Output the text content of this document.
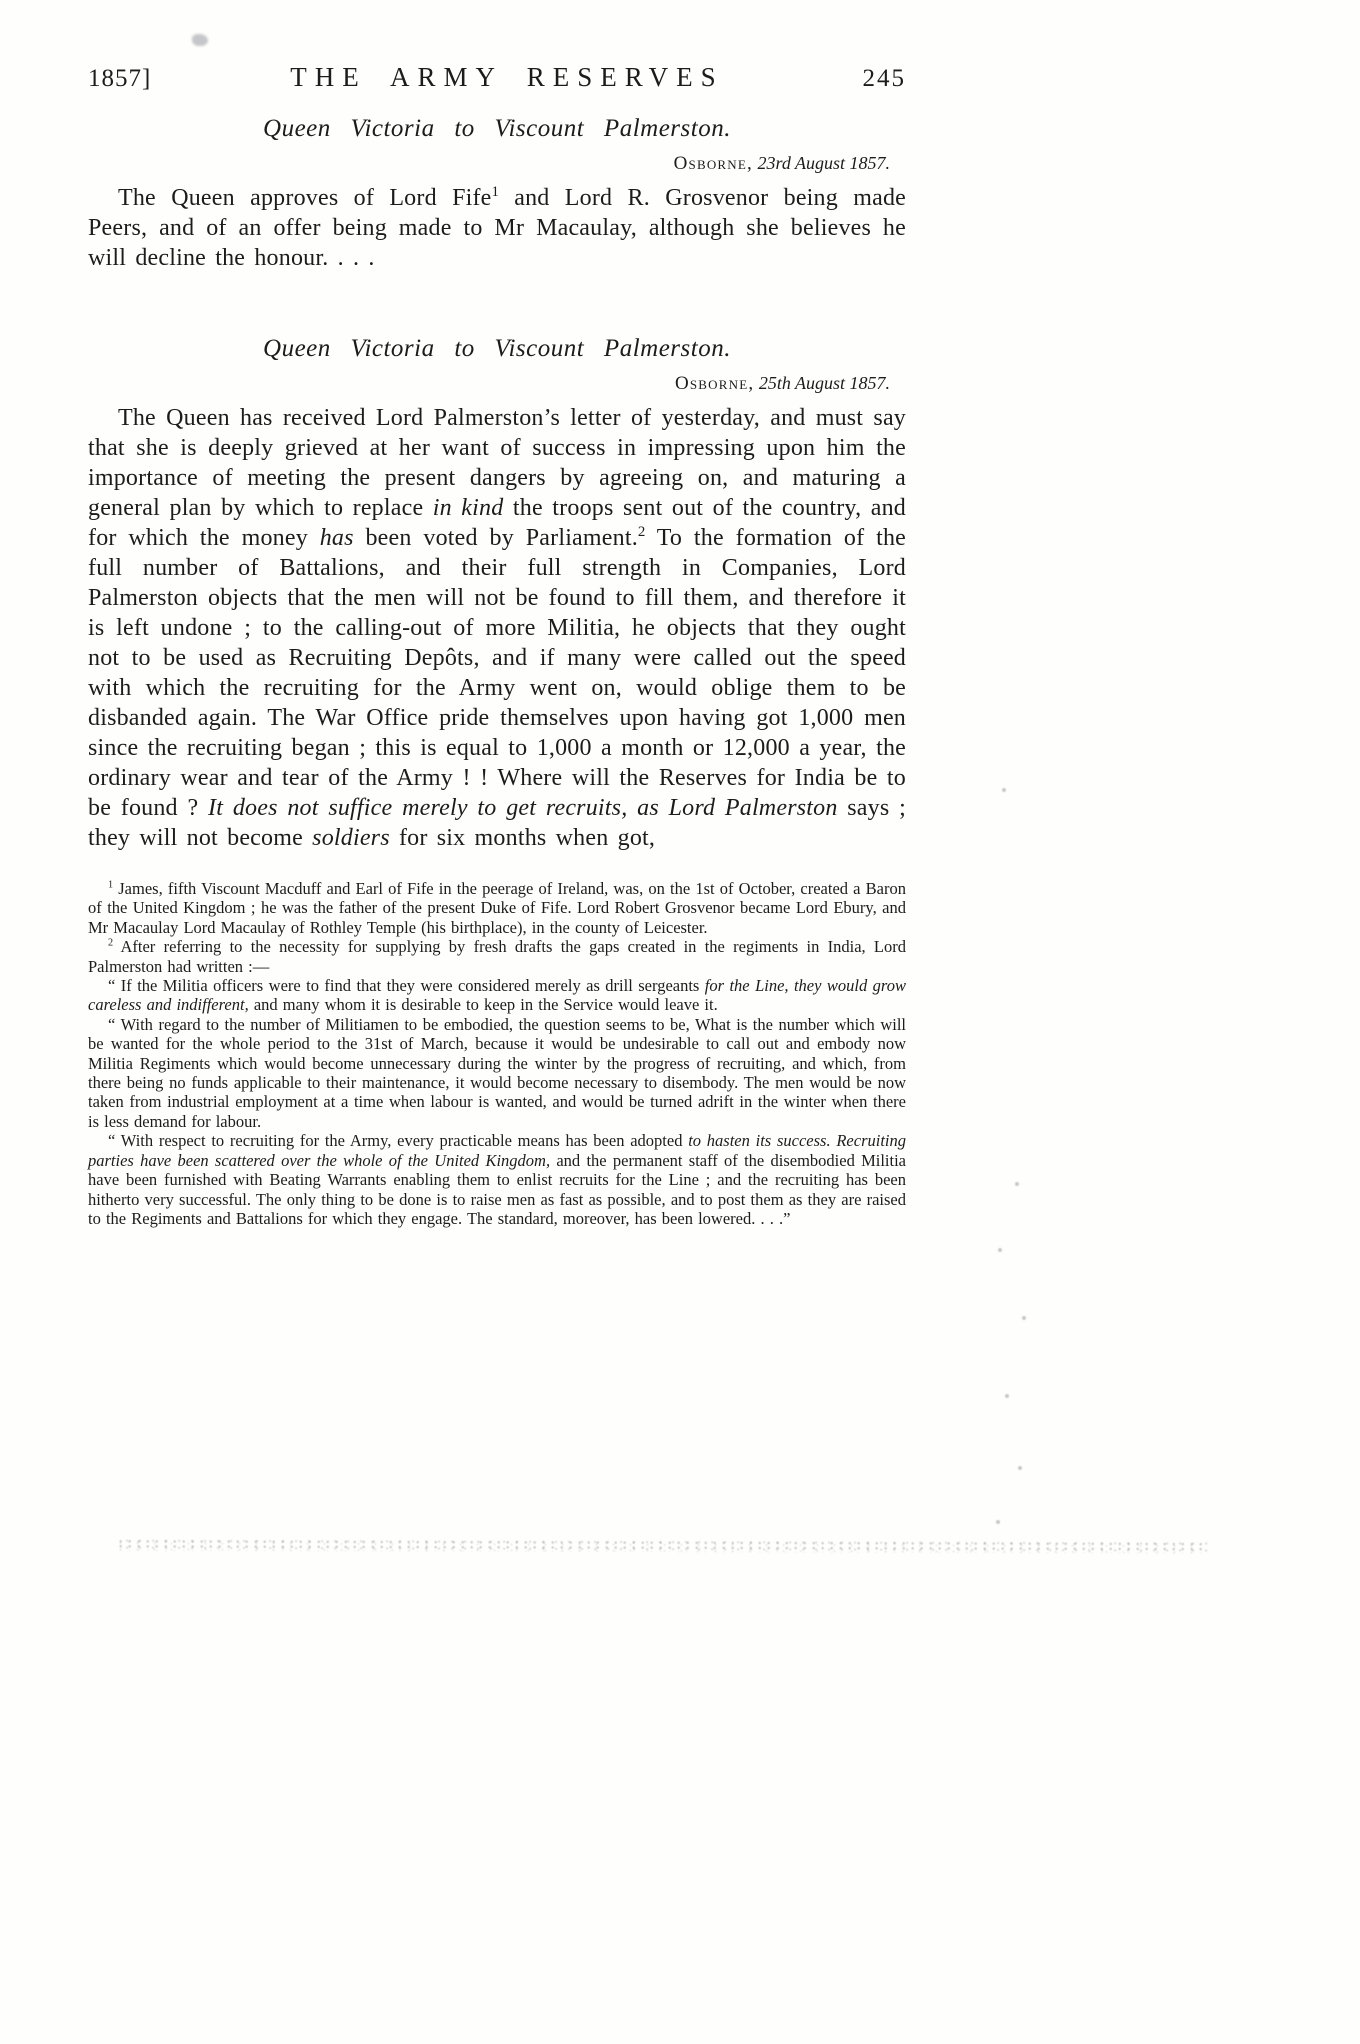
1857]	THE ARMY RESERVES	245
Queen Victoria to Viscount Palmerston.

Osborne, 23rd August 1857.

The Queen approves of Lord Fife$^1$ and Lord R. Grosvenor being made Peers, and of an offer being made to Mr Macaulay, although she believes he will decline the honour. . . .

Queen Victoria to Viscount Palmerston.

Osborne, 25th August 1857.

The Queen has received Lord Palmerston’s letter of yesterday, and must say that she is deeply grieved at her want of success in impressing upon him the importance of meeting the present dangers by agreeing on, and maturing a general plan by which to replace in kind the troops sent out of the country, and for which the money has been voted by Parliament.$^2$ To the formation of the full number of Battalions, and their full strength in Companies, Lord Palmerston objects that the men will not be found to fill them, and therefore it is left undone ; to the calling-out of more Militia, he objects that they ought not to be used as Recruiting Depôts, and if many were called out the speed with which the recruiting for the Army went on, would oblige them to be disbanded again. The War Office pride themselves upon having got 1,000 men since the recruiting began ; this is equal to 1,000 a month or 12,000 a year, the ordinary wear and tear of the Army ! ! Where will the Reserves for India be to be found ? It does not suffice merely to get recruits, as Lord Palmerston says ; they will not become soldiers for six months when got,

$^1$ James, fifth Viscount Macduff and Earl of Fife in the peerage of Ireland, was, on the 1st of October, created a Baron of the United Kingdom ; he was the father of the present Duke of Fife. Lord Robert Grosvenor became Lord Ebury, and Mr Macaulay Lord Macaulay of Rothley Temple (his birthplace), in the county of Leicester.

$^2$ After referring to the necessity for supplying by fresh drafts the gaps created in the regiments in India, Lord Palmerston had written :—

“ If the Militia officers were to find that they were considered merely as drill sergeants for the Line, they would grow careless and indifferent, and many whom it is desirable to keep in the Service would leave it.

“ With regard to the number of Militiamen to be embodied, the question seems to be, What is the number which will be wanted for the whole period to the 31st of March, because it would be undesirable to call out and embody now Militia Regiments which would become unnecessary during the winter by the progress of recruiting, and which, from there being no funds applicable to their maintenance, it would become necessary to disembody. The men would be now taken from industrial employment at a time when labour is wanted, and would be turned adrift in the winter when there is less demand for labour.

“ With respect to recruiting for the Army, every practicable means has been adopted to hasten its success. Recruiting parties have been scattered over the whole of the United Kingdom, and the permanent staff of the disembodied Militia have been furnished with Beating Warrants enabling them to enlist recruits for the Line ; and the recruiting has been hitherto very successful. The only thing to be done is to raise men as fast as possible, and to post them as they are raised to the Regiments and Battalions for which they engage. The standard, moreover, has been lowered. . . .”
